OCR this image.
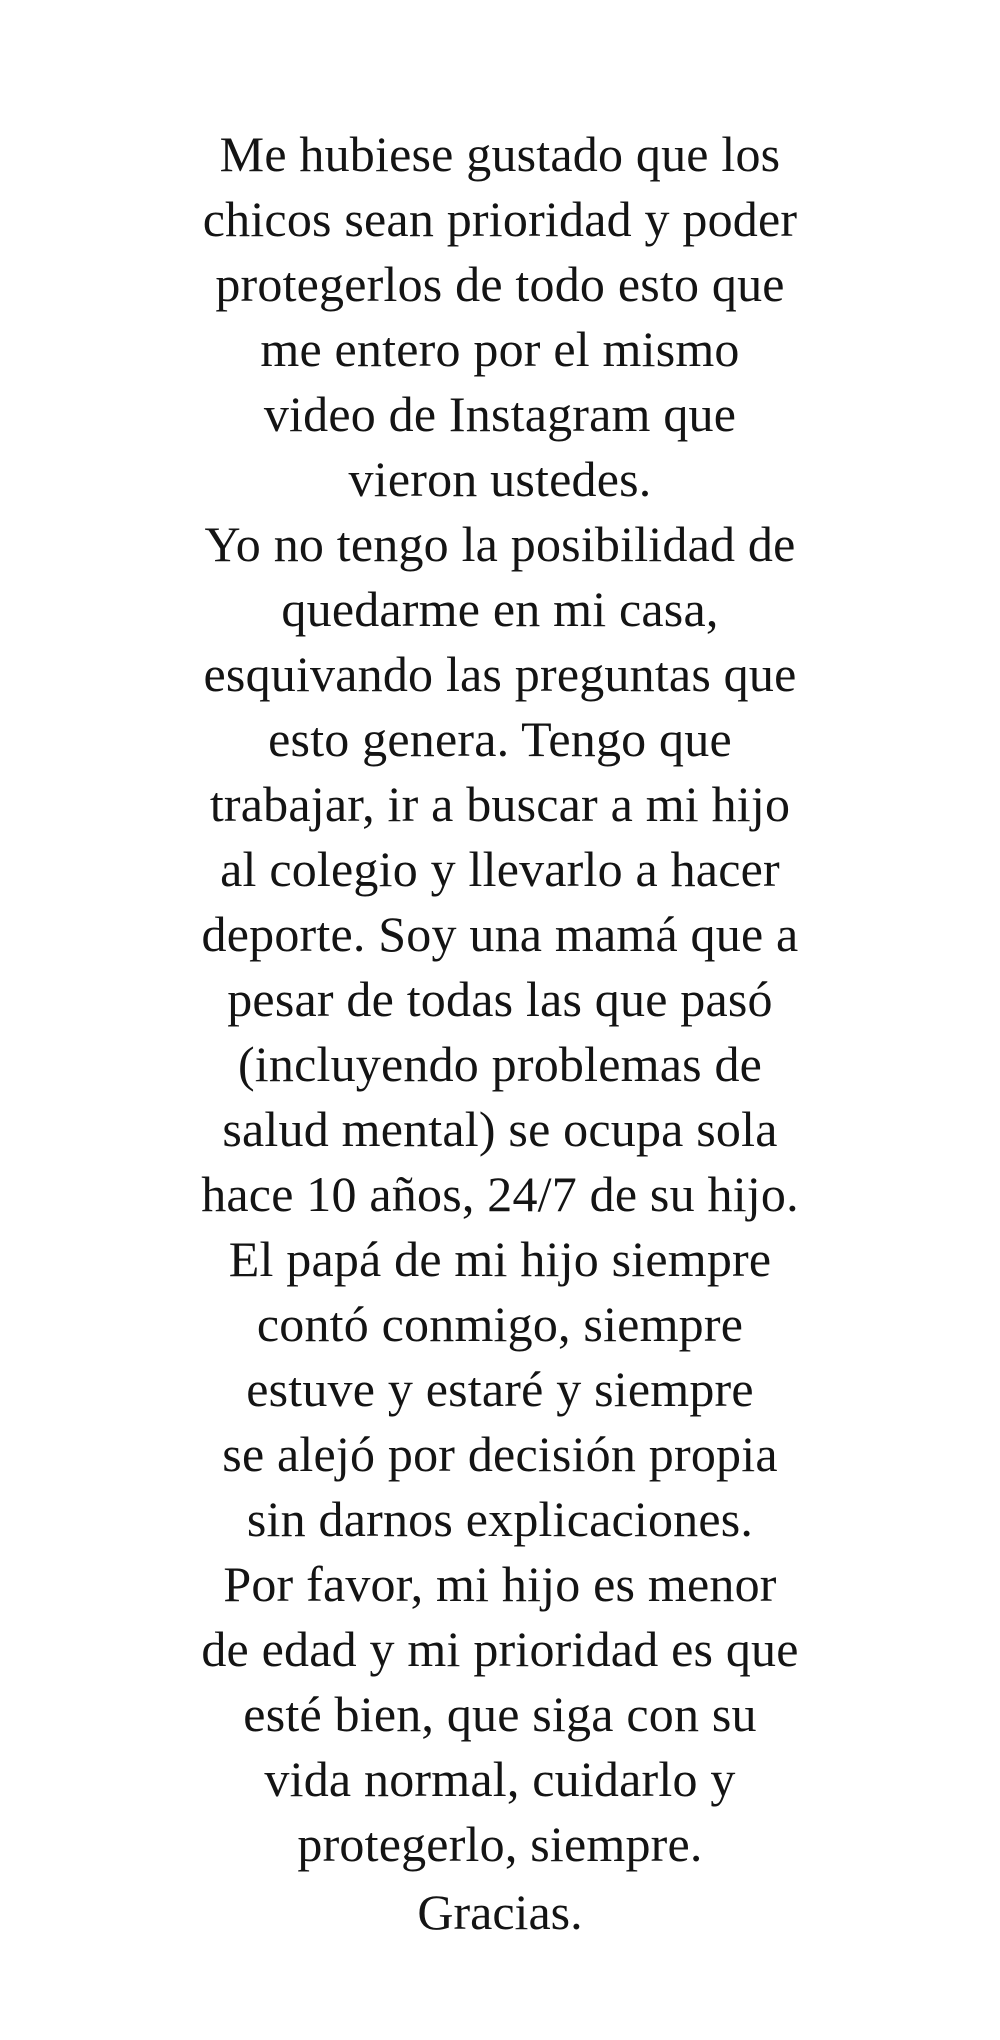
Me hubiese gustado que los
chicos sean prioridad y poder
protegerlos de todo esto que
me entero por el mismo
video de Instagram que
vieron ustedes.
Yo no tengo la posibilidad de
quedarme en mi casa,
esquivando las preguntas que
esto genera. Tengo que
trabajar, ir a buscar a mi hijo
al colegio y llevarlo a hacer
deporte. Soy una mamá que a
pesar de todas las que pasó
(incluyendo problemas de
salud mental) se ocupa sola
hace 10 años, 24/7 de su hijo.
El papá de mi hijo siempre
contó conmigo, siempre
estuve y estaré y siempre
se alejó por decisión propia
sin darnos explicaciones.
Por favor, mi hijo es menor
de edad y mi prioridad es que
esté bien, que siga con su
vida normal, cuidarlo y
protegerlo, siempre.
Gracias.
